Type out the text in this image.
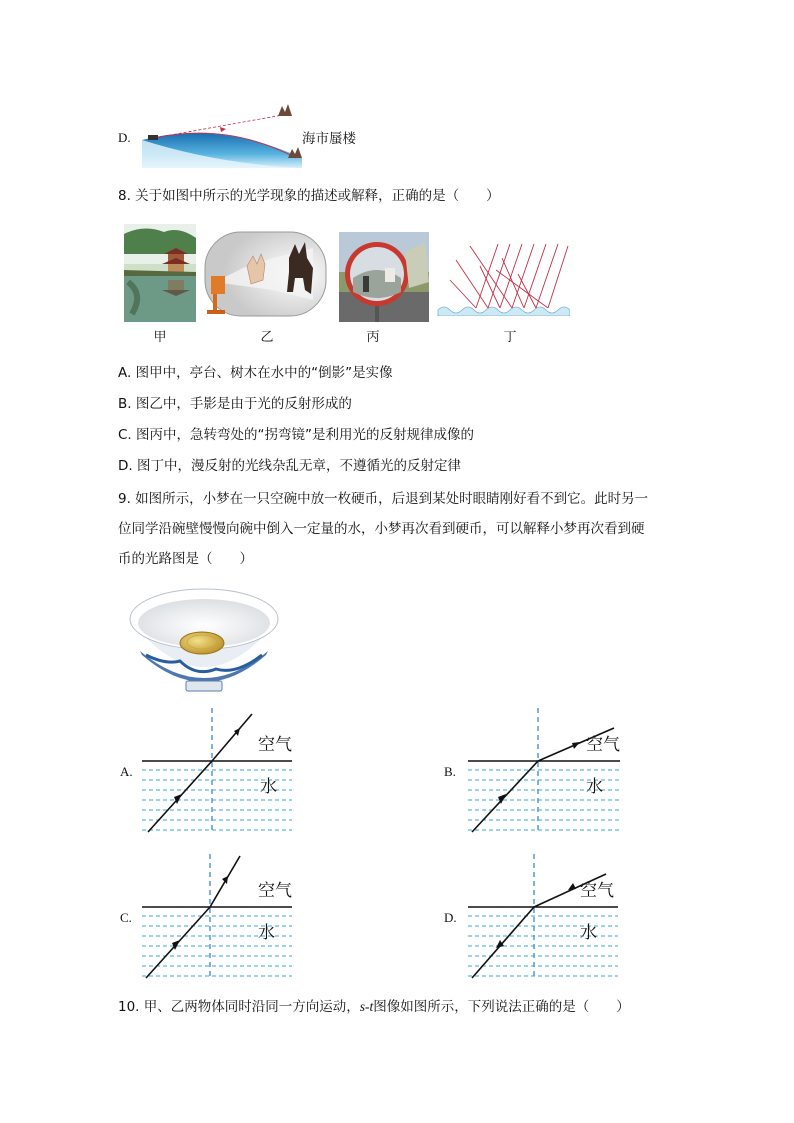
D.	海市蜃楼
8. 关于如图中所示的光学现象的描述或解释，正确的是（　　）
甲	乙	丙	丁
A. 图甲中，亭台、树木在水中的“倒影”是实像
B. 图乙中，手影是由于光的反射形成的
C. 图丙中，急转弯处的“拐弯镜”是利用光的反射规律成像的
D. 图丁中，漫反射的光线杂乱无章，不遵循光的反射定律
9. 如图所示，小梦在一只空碗中放一枚硬币，后退到某处时眼睛刚好看不到它。此时另一
位同学沿碗壁慢慢向碗中倒入一定量的水，小梦再次看到硬币，可以解释小梦再次看到硬
币的光路图是（　　）
A.
空气
水
B.
空气
水
C.
空气
水
D.
空气
水
10. 甲、乙两物体同时沿同一方向运动，s-t图像如图所示，下列说法正确的是（　　）
